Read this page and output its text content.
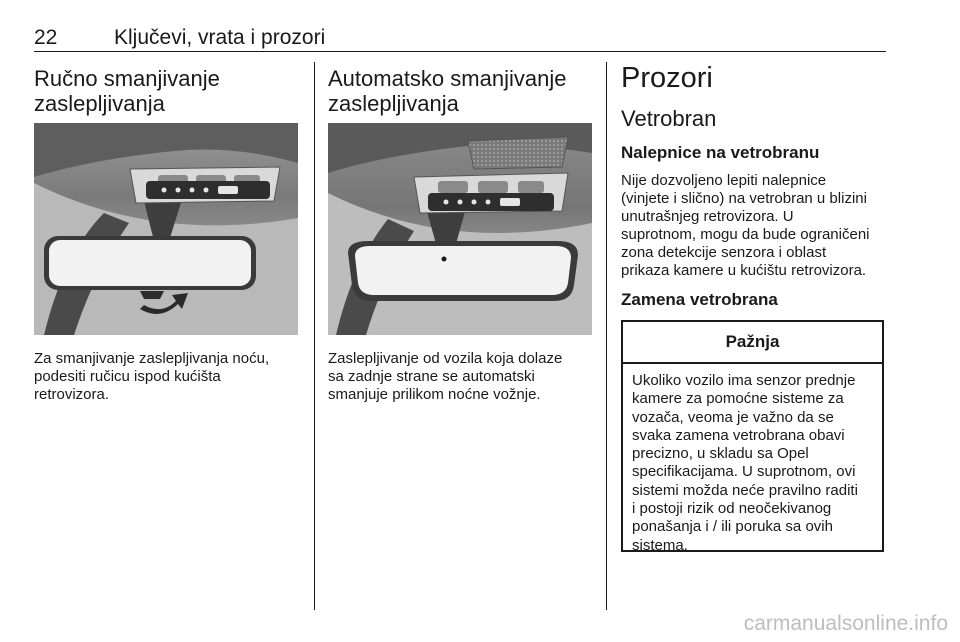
22	Ključevi, vrata i prozori
Ručno smanjivanje
zaslepljivanja

Za smanjivanje zaslepljivanja noću,
podesiti ručicu ispod kućišta
retrovizora.

Automatsko smanjivanje
zaslepljivanja

Zaslepljivanje od vozila koja dolaze
sa zadnje strane se automatski
smanjuje prilikom noćne vožnje.

Prozori
Vetrobran
Nalepnice na vetrobranu

Nije dozvoljeno lepiti nalepnice
(vinjete i slično) na vetrobran u blizini
unutrašnjeg retrovizora. U
suprotnom, mogu da bude ograničeni
zona detekcije senzora i oblast
prikaza kamere u kućištu retrovizora.

Zamena vetrobrana
Pažnja

Ukoliko vozilo ima senzor prednje
kamere za pomoćne sisteme za
vozača, veoma je važno da se
svaka zamena vetrobrana obavi
precizno, u skladu sa Opel
specifikacijama. U suprotnom, ovi
sistemi možda neće pravilno raditi
i postoji rizik od neočekivanog
ponašanja i / ili poruka sa ovih
sistema.

carmanualsonline.info
